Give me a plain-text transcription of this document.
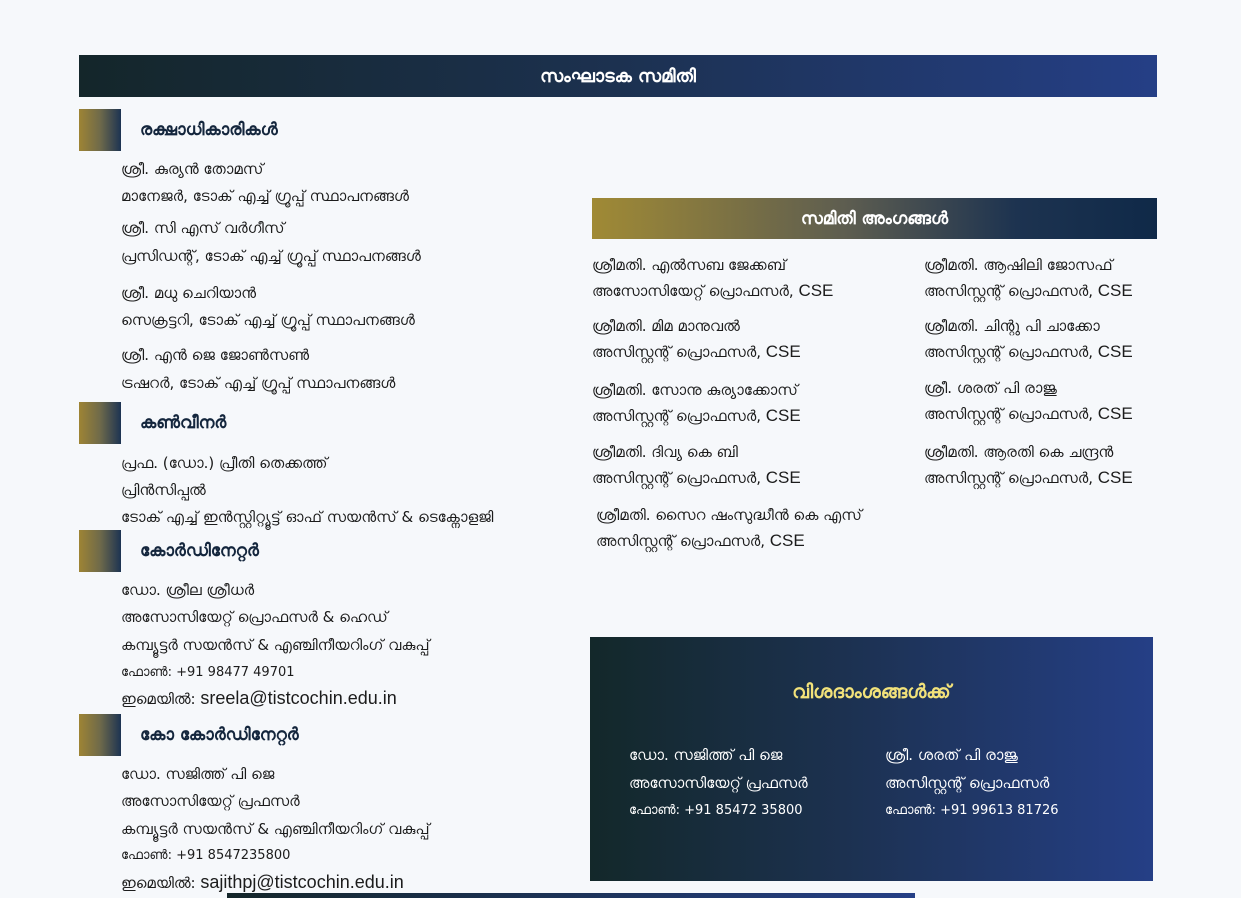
സംഘാടക സമിതി
രക്ഷാധികാരികൾ
ശ്രീ. കുര്യൻ തോമസ്
മാനേജർ, ടോക് എച്ച് ഗ്രൂപ്പ് സ്ഥാപനങ്ങൾ
ശ്രീ. സി എസ് വർഗീസ്
പ്രസിഡന്റ്, ടോക് എച്ച് ഗ്രൂപ്പ് സ്ഥാപനങ്ങൾ
ശ്രീ. മധു ചെറിയാൻ
സെക്രട്ടറി, ടോക് എച്ച് ഗ്രൂപ്പ് സ്ഥാപനങ്ങൾ
ശ്രീ. എൻ ജെ ജോൺസൺ
ട്രഷറർ, ടോക് എച്ച് ഗ്രൂപ്പ് സ്ഥാപനങ്ങൾ
കൺവീനർ
പ്രഫ. (ഡോ.) പ്രീതി തെക്കത്ത്
പ്രിൻസിപ്പൽ
ടോക് എച്ച് ഇൻസ്റ്റിറ്റ്യൂട്ട് ഓഫ് സയൻസ് & ടെക്നോളജി
കോർഡിനേറ്റർ
ഡോ. ശ്രീല ശ്രീധർ
അസോസിയേറ്റ് പ്രൊഫസർ & ഹെഡ്
കമ്പ്യൂട്ടർ സയൻസ് & എഞ്ചിനീയറിംഗ് വകുപ്പ്
ഫോൺ: +91 98477 49701
ഇമെയിൽ: sreela@tistcochin.edu.in
കോ കോർഡിനേറ്റർ
ഡോ. സജിത്ത് പി ജെ
അസോസിയേറ്റ് പ്രഫസർ
കമ്പ്യൂട്ടർ സയൻസ് & എഞ്ചിനീയറിംഗ് വകുപ്പ്
ഫോൺ: +91 8547235800
ഇമെയിൽ: sajithpj@tistcochin.edu.in
സമിതി അംഗങ്ങൾ
ശ്രീമതി. എൽസബ ജേക്കബ്
അസോസിയേറ്റ് പ്രൊഫസർ, CSE
ശ്രീമതി. മിമ മാനുവൽ
അസിസ്റ്റന്റ് പ്രൊഫസർ, CSE
ശ്രീമതി. സോനു കുര്യാക്കോസ്
അസിസ്റ്റന്റ് പ്രൊഫസർ, CSE
ശ്രീമതി. ദിവ്യ കെ ബി
അസിസ്റ്റന്റ് പ്രൊഫസർ, CSE
ശ്രീമതി. സൈറ ഷംസുദ്ധീൻ കെ എസ്
അസിസ്റ്റന്റ് പ്രൊഫസർ, CSE
ശ്രീമതി. ആഷിലി ജോസഫ്
അസിസ്റ്റന്റ് പ്രൊഫസർ, CSE
ശ്രീമതി. ചിന്റു പി ചാക്കോ
അസിസ്റ്റന്റ് പ്രൊഫസർ, CSE
ശ്രീ. ശരത് പി രാജു
അസിസ്റ്റന്റ് പ്രൊഫസർ, CSE
ശ്രീമതി. ആരതി കെ ചന്ദ്രൻ
അസിസ്റ്റന്റ് പ്രൊഫസർ, CSE
വിശദാംശങ്ങൾക്ക്
ഡോ. സജിത്ത് പി ജെ
അസോസിയേറ്റ് പ്രഫസർ
ഫോൺ: +91 85472 35800
ശ്രീ. ശരത് പി രാജു
അസിസ്റ്റന്റ് പ്രൊഫസർ
ഫോൺ: +91 99613 81726
